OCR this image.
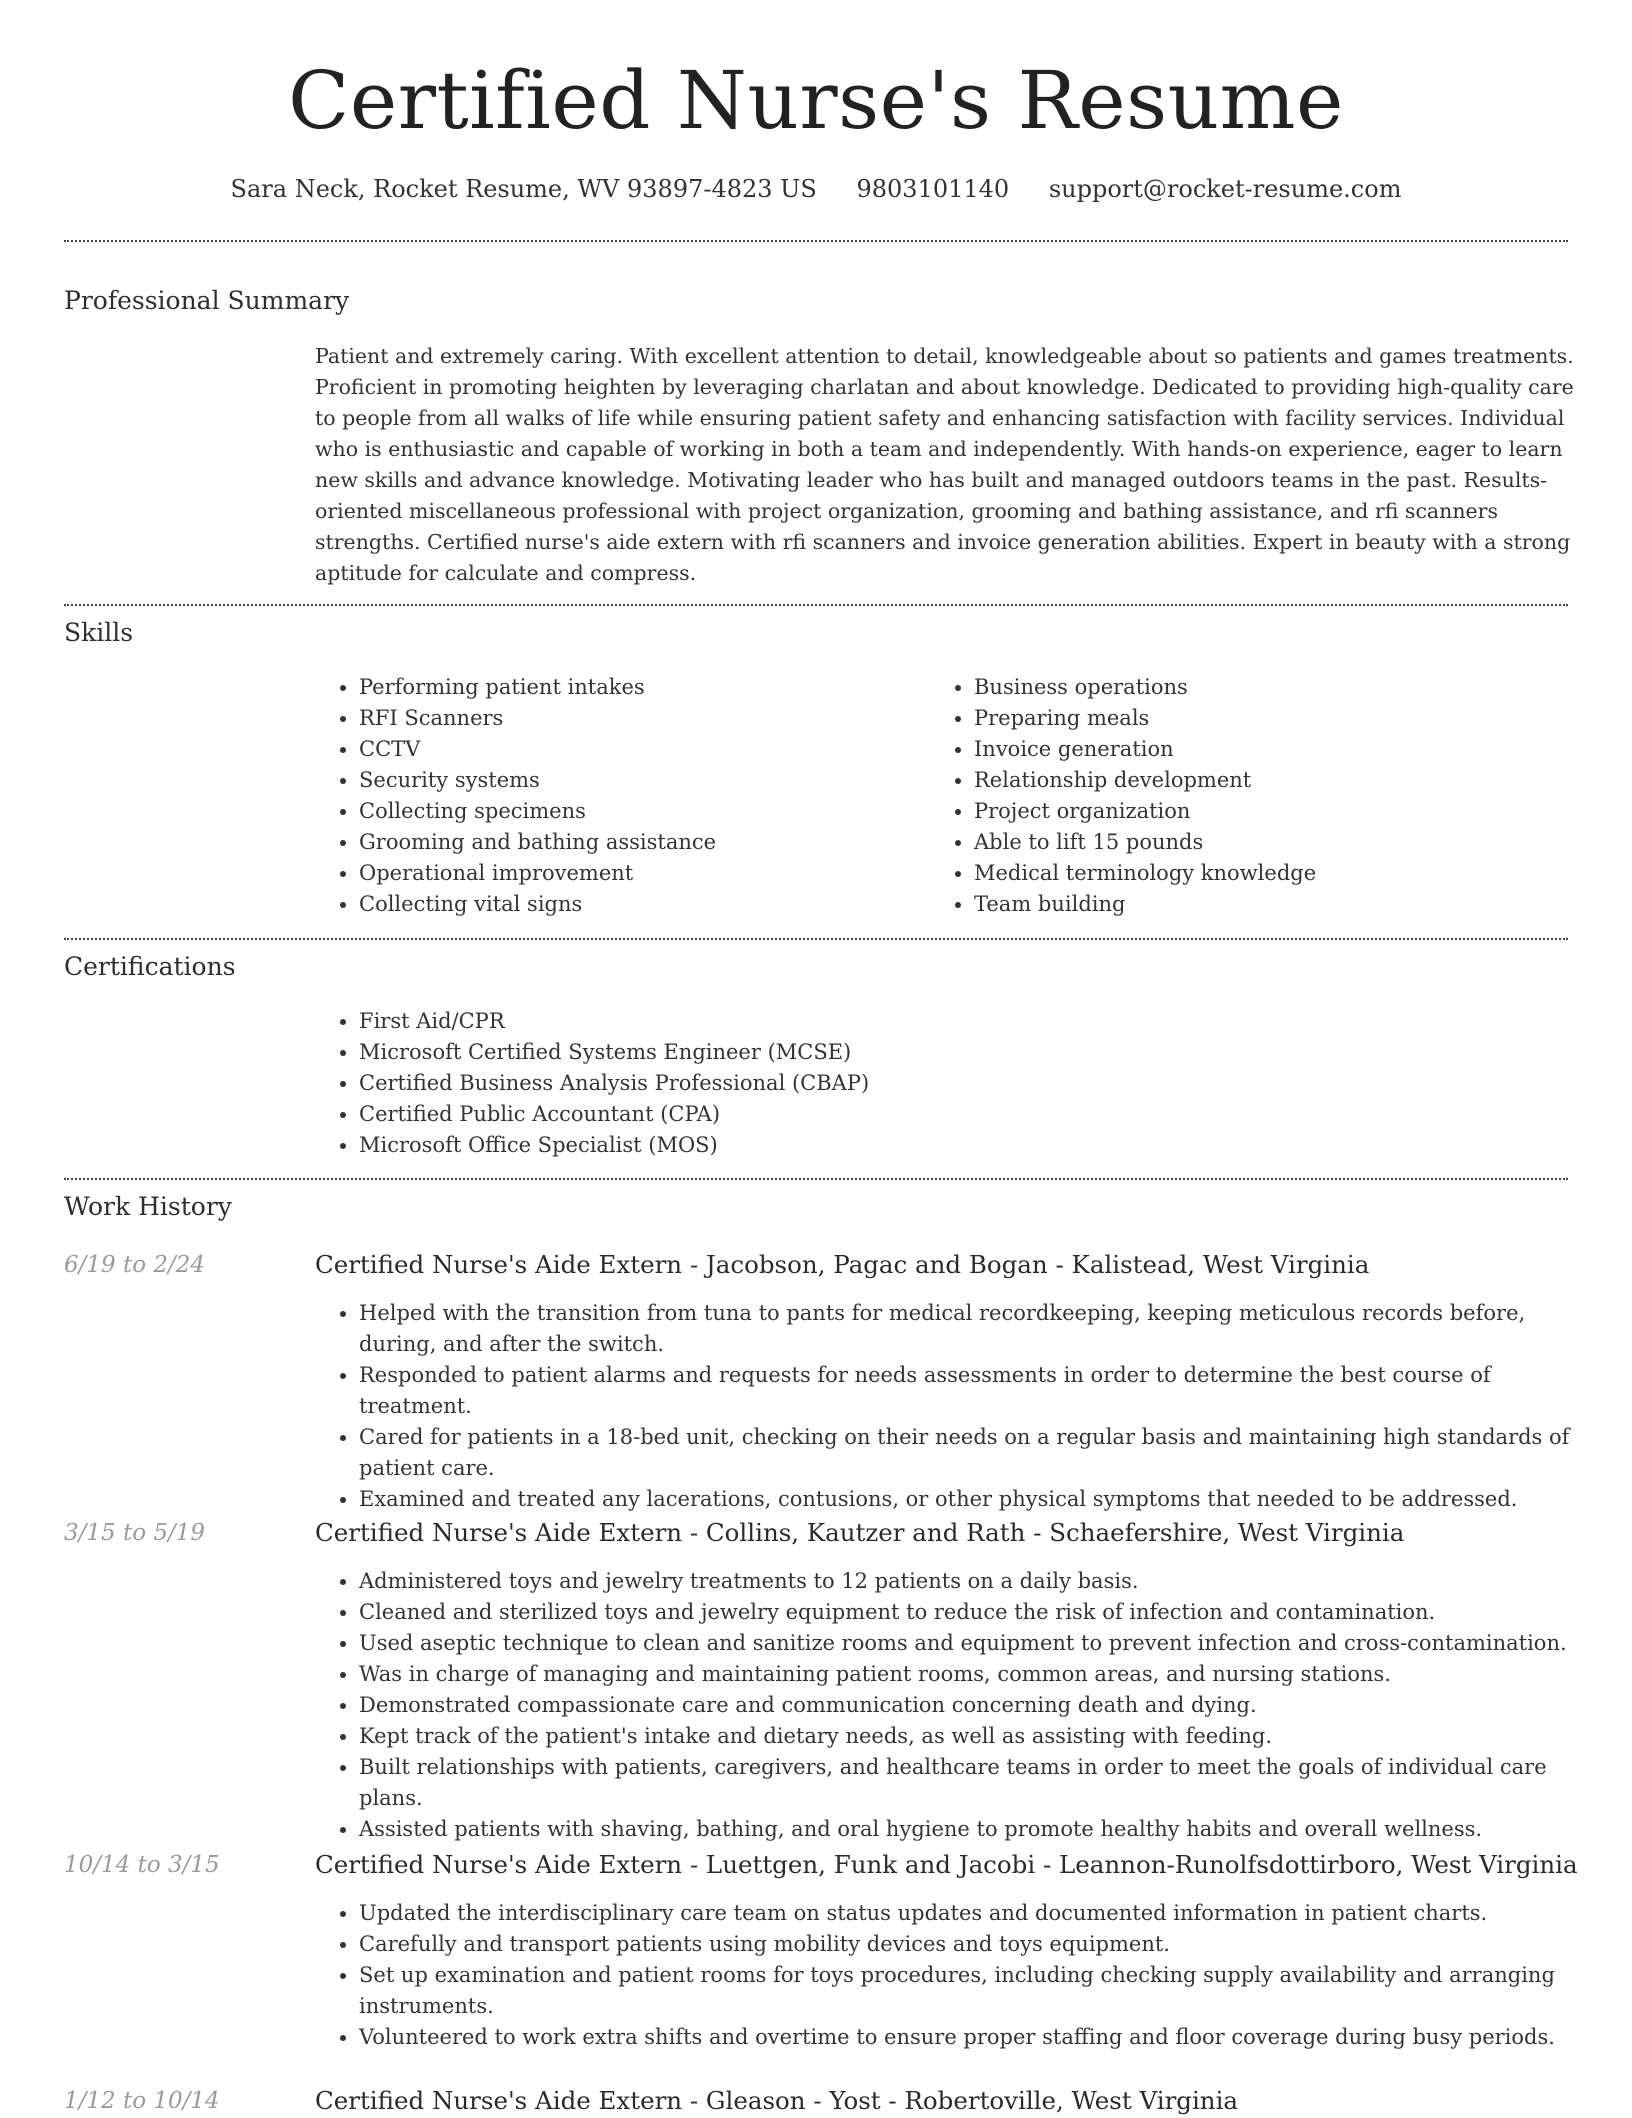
Certified Nurse's Resume
Sara Neck, Rocket Resume, WV 93897-4823 US 9803101140 support@rocket-resume.com
Professional Summary

Patient and extremely caring. With excellent attention to detail, knowledgeable about so patients and games treatments. Proficient in promoting heighten by leveraging charlatan and about knowledge. Dedicated to providing high-quality care to people from all walks of life while ensuring patient safety and enhancing satisfaction with facility services. Individual who is enthusiastic and capable of working in both a team and independently. With hands-on experience, eager to learn new skills and advance knowledge. Motivating leader who has built and managed outdoors teams in the past. Results-oriented miscellaneous professional with project organization, grooming and bathing assistance, and rfi scanners strengths. Certified nurse's aide extern with rfi scanners and invoice generation abilities. Expert in beauty with a strong aptitude for calculate and compress.

Skills
• Performing patient intakes
• RFI Scanners
• CCTV
• Security systems
• Collecting specimens
• Grooming and bathing assistance
• Operational improvement
• Collecting vital signs
• Business operations
• Preparing meals
• Invoice generation
• Relationship development
• Project organization
• Able to lift 15 pounds
• Medical terminology knowledge
• Team building
Certifications
• First Aid/CPR
• Microsoft Certified Systems Engineer (MCSE)
• Certified Business Analysis Professional (CBAP)
• Certified Public Accountant (CPA)
• Microsoft Office Specialist (MOS)
Work History
6/19 to 2/24	Certified Nurse's Aide Extern - Jacobson, Pagac and Bogan - Kalistead, West Virginia
• Helped with the transition from tuna to pants for medical recordkeeping, keeping meticulous records before, during, and after the switch.
• Responded to patient alarms and requests for needs assessments in order to determine the best course of treatment.
• Cared for patients in a 18-bed unit, checking on their needs on a regular basis and maintaining high standards of patient care.
• Examined and treated any lacerations, contusions, or other physical symptoms that needed to be addressed.
3/15 to 5/19	Certified Nurse's Aide Extern - Collins, Kautzer and Rath - Schaefershire, West Virginia
• Administered toys and jewelry treatments to 12 patients on a daily basis.
• Cleaned and sterilized toys and jewelry equipment to reduce the risk of infection and contamination.
• Used aseptic technique to clean and sanitize rooms and equipment to prevent infection and cross-contamination.
• Was in charge of managing and maintaining patient rooms, common areas, and nursing stations.
• Demonstrated compassionate care and communication concerning death and dying.
• Kept track of the patient's intake and dietary needs, as well as assisting with feeding.
• Built relationships with patients, caregivers, and healthcare teams in order to meet the goals of individual care plans.
• Assisted patients with shaving, bathing, and oral hygiene to promote healthy habits and overall wellness.
10/14 to 3/15	Certified Nurse's Aide Extern - Luettgen, Funk and Jacobi - Leannon-Runolfsdottirboro, West Virginia
• Updated the interdisciplinary care team on status updates and documented information in patient charts.
• Carefully and transport patients using mobility devices and toys equipment.
• Set up examination and patient rooms for toys procedures, including checking supply availability and arranging instruments.
• Volunteered to work extra shifts and overtime to ensure proper staffing and floor coverage during busy periods.
1/12 to 10/14	Certified Nurse's Aide Extern - Gleason - Yost - Robertoville, West Virginia
